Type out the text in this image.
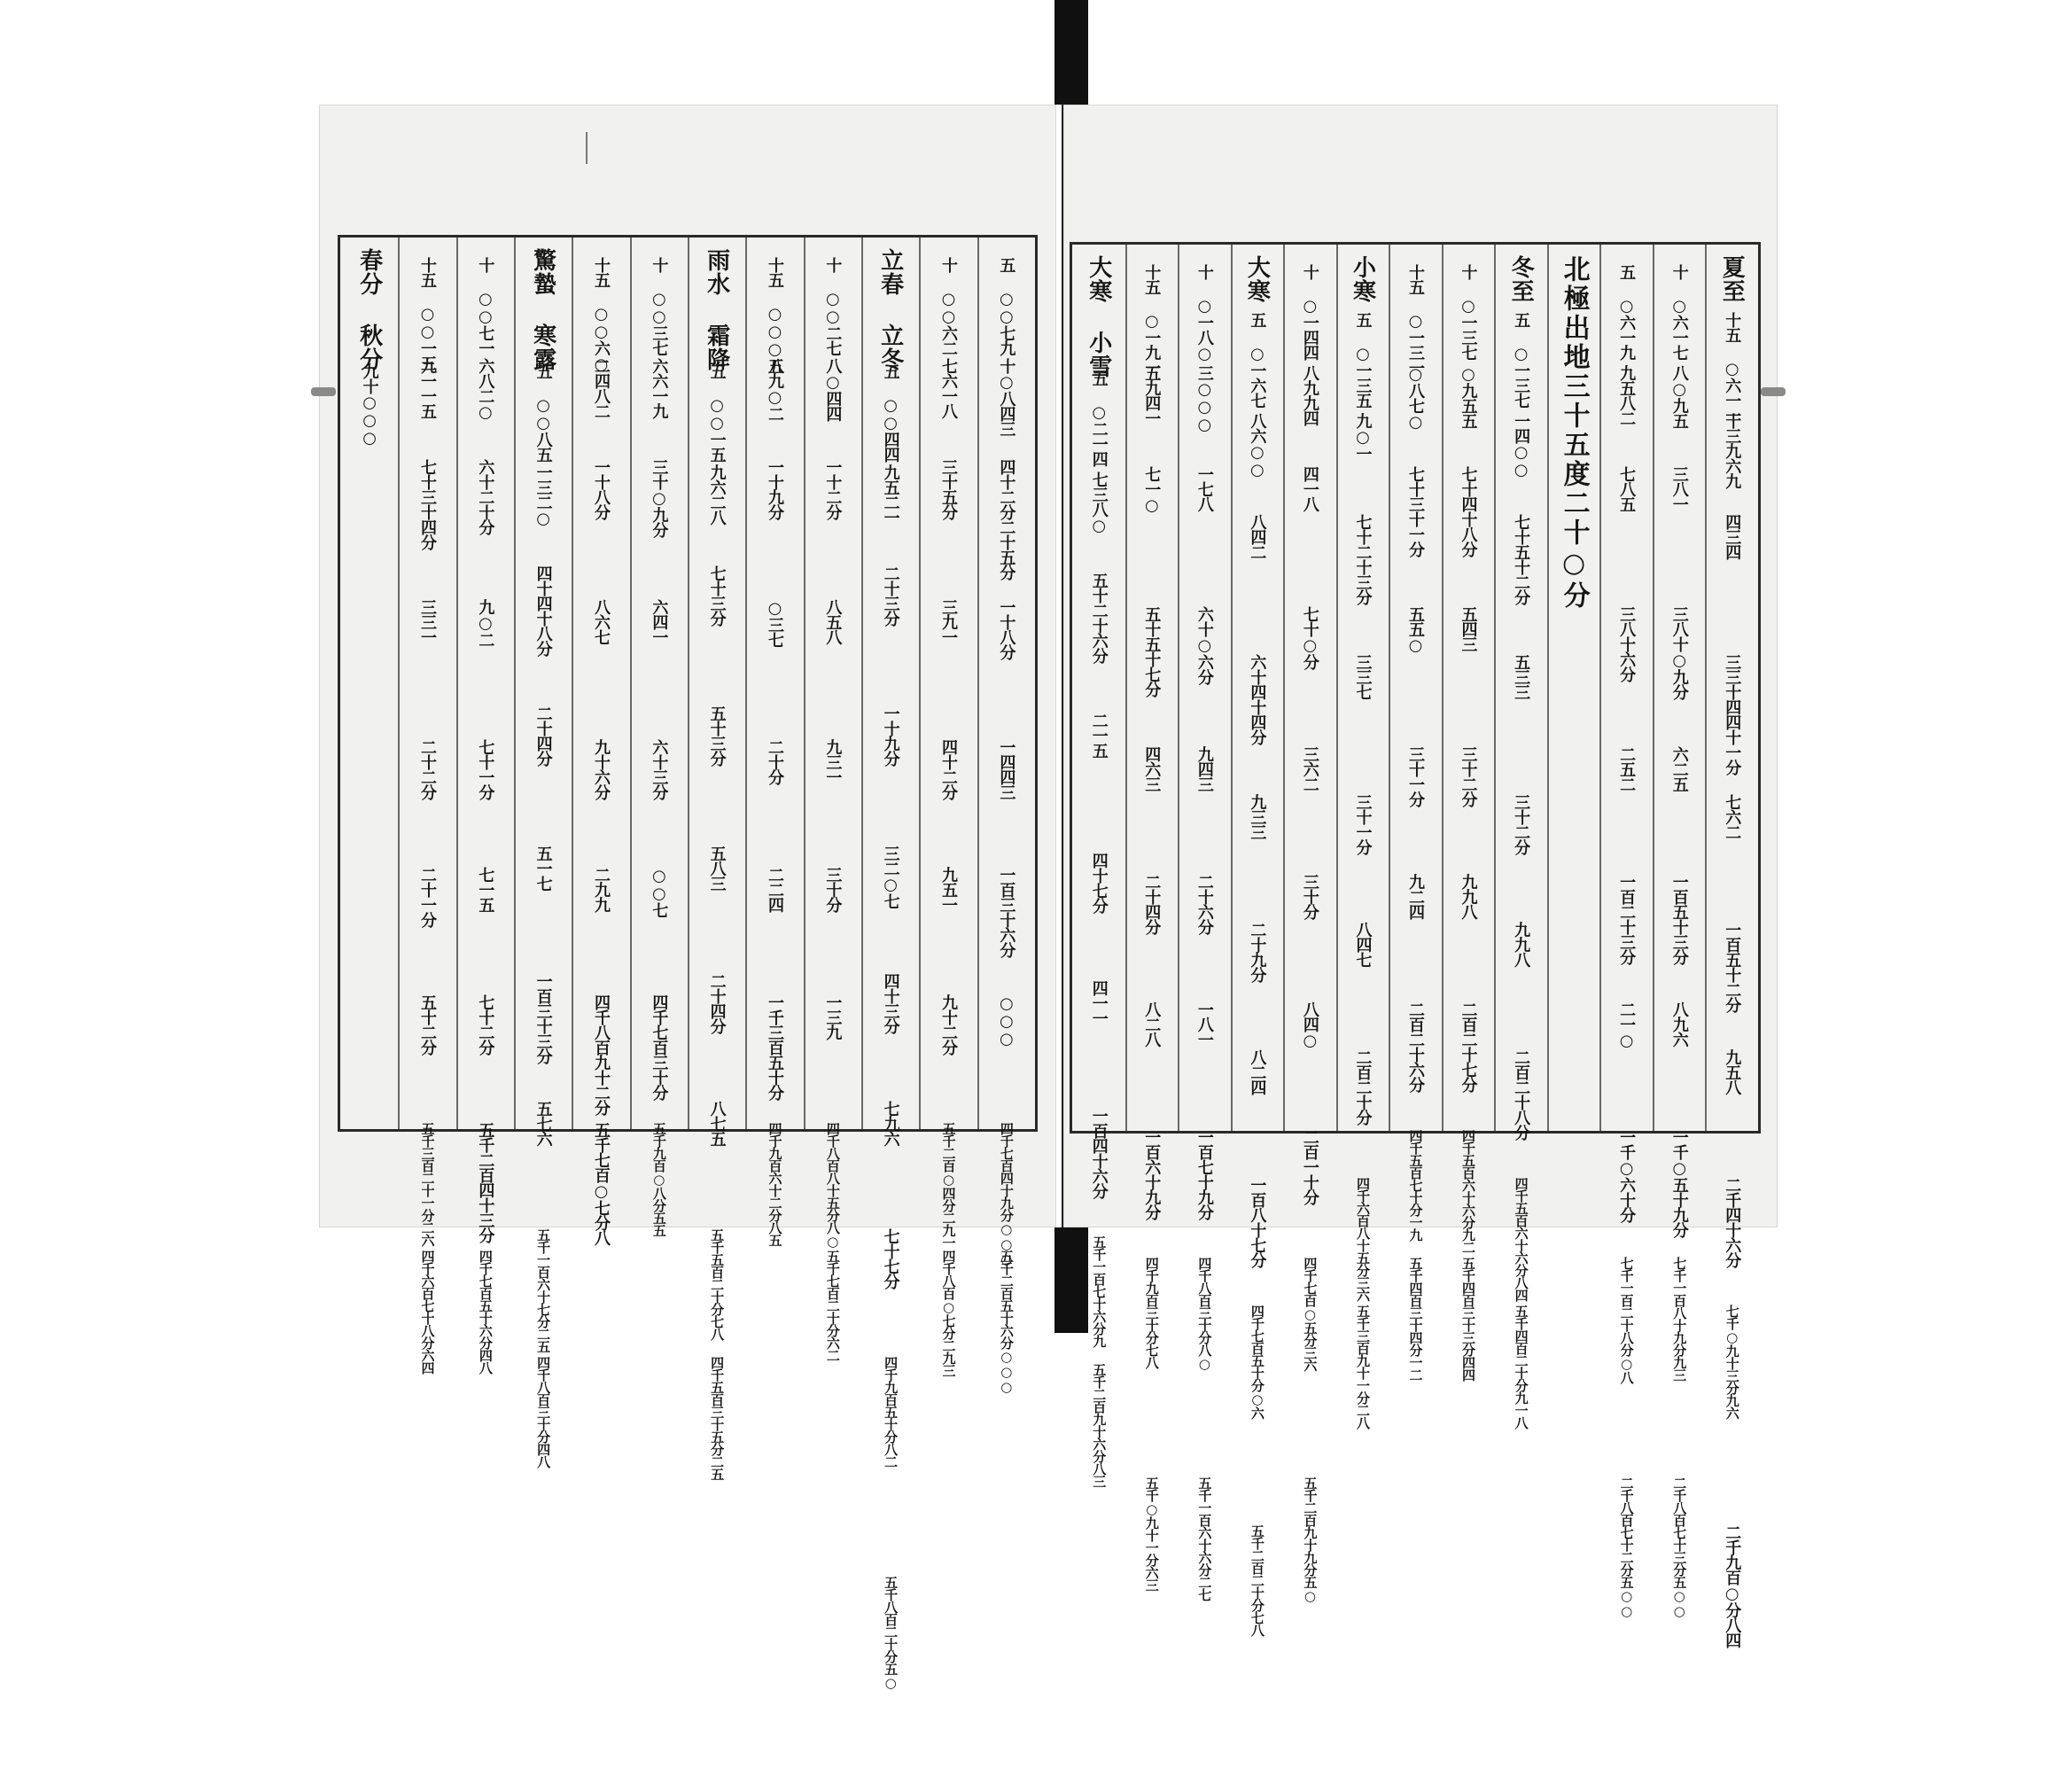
五 ○○七九
十○八四三
四十二分二十五分
一十八分
一四四三
一百三十六分
○○○
四千七百四十九分○○○
五千二百五十六分○○○
十 ○○六二
七六一八
三十五分
三九一
四十二分
九五一
九十二分
五千二百○四分二九一
四千八百○七分二九三
立春 立冬
五 ○○四四
九五二一
二十三分
一十九分
三二○七
四十三分
七九六
七十七分
四千九百五十分八二
五千八百二十分五○
十 ○○二七
八○四四
一十二分
八五八
九三一
三十分
一三九
四千八百八十五分八○
五千七百二十分六二
十五 ○○○五
八九○二
一十九分
○三七
二十分
二二四
一千三百五十分
四千九百六十二分八五
雨水 霜降
五 ○○一五
九六二八
七十三分
五十三分
五八三
二十四分
八七五
五千五百二十分七八
四千五百三十五分二五
十 ○○三七
六六一九
三十○九分
六四一
六十三分
○○七
四千七百三十分
五千九百○八分五五
十五 ○○六○
二四八二
一十八分
八六七
九十六分
二九九
四千八百九十二分
五千七百○七分八
驚蟄 寒露
五 ○○八五
一三二○
四十四十八分
二十四分
五一七
一百三十三分
五七六
五千一百六十七分二五
四千八百三十分四八
十 ○○七一
六八二○
六十二十分
九○二
七十一分
七一五
七十二分
五千二百四十三分
四千七百五十六分四八
十五 ○○一三
九一一五
七十三十四分
三三一
二十二分
二十一分
五十二分
五千三百二十一分二六
四千六百七十八分六四
春分 秋分
九十○○○
夏至
十五 ○六一一
十三九六九
四三四
三三十四四十一分
七六二
一百五十二分
九五八
二千四十六分
七千○九十三分九六
二千九百○分八四
十 ○六一七
八○九五
三八一
三八十○九分
六二五
一百五十三分
八九六
一千○五十九分
七千一百八十九分九三
二千八百七十三分五○○
五 ○六一九
九五八二
七八五
三八十六分
二五二
一百二十三分
二一○
一千○六十分
七千一百二十八分○八
二千八百七十二分五○○
北極出地三十五度二十○分
冬至
五 ○一三七
一四○○
七十五十二分
五三三
三十二分
九九八
二百二十八分
四千五百六十六分八四
五千四百二十分九一八
十 ○一三七
○九五五
七十四十八分
五四三
三十二分
九九八
二百二十七分
四千五百六十六分九二
五千四百三十三分四四
十五 ○一三一
○八七○
七十三十一分
五五○
三十一分
九二四
二百二十六分
四千五百七十分一九
五千四百三十四分一二
小寒
五 ○一三五
九○一
七十二十三分
三三七
三十一分
八四七
二百二十分
四千六百八十五分三六
五千三百九十一分二八
十 ○一四四
八九九四
四一八
七十○分
三六二
三十分
八四○
二百一十分
四千七百○五分三六
五千二百九十九分五○
大寒
五 ○一六七
八六○○
八四二
六十四十四分
九三三
二十九分
八二四
一百八十七分
四千七百五十分○六
五千二百二十分七八
十 ○一八○
三○○○
一七八
六十○六分
九四三
二十六分
一八一
一百七十九分
四千八百三十分八○
五千一百六十六分二七
十五 ○一九一
五九四一
七一○
五十五十七分
四六三
二十四分
八二八
一百六十九分
四千九百三十分七八
五千○九十一分六三
大寒 小雪
五 ○二一四
七三八○
五十二十六分
二一五
四十七分
四一一
一百四十六分
五千一百七十六分九
五千二百九十六分八三
